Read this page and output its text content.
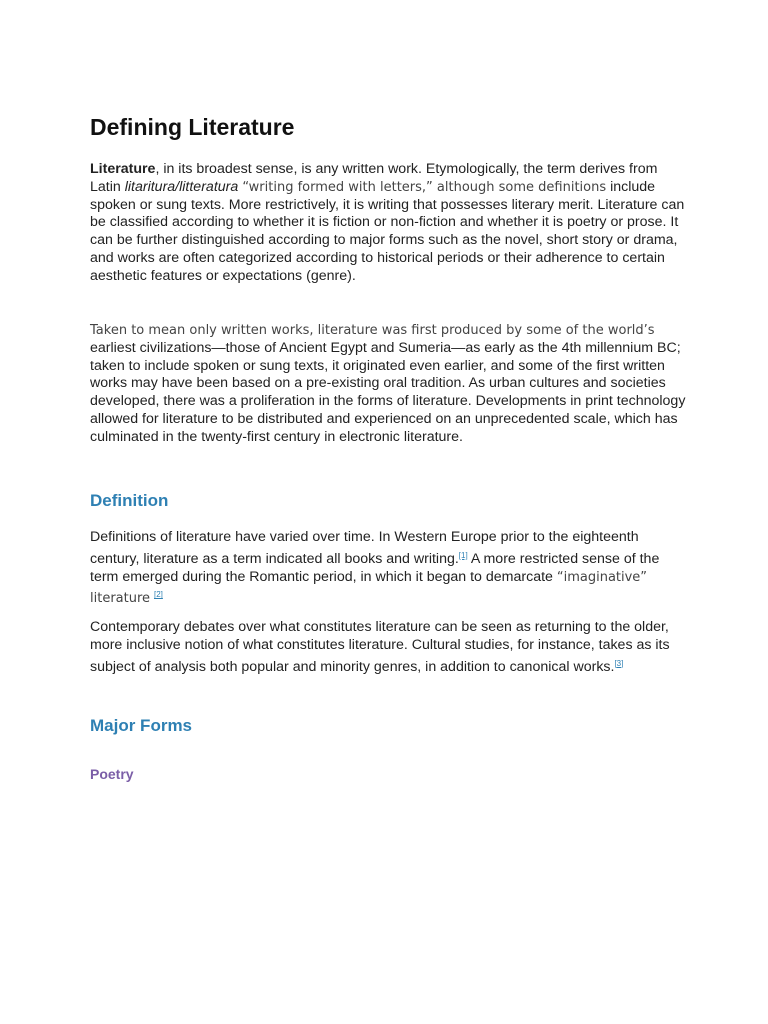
Defining Literature

Literature, in its broadest sense, is any written work. Etymologically, the term derives from Latin litaritura/litteratura “writing formed with letters,” although some definitions include spoken or sung texts. More restrictively, it is writing that possesses literary merit. Literature can be classified according to whether it is fiction or non-fiction and whether it is poetry or prose. It can be further distinguished according to major forms such as the novel, short story or drama, and works are often categorized according to historical periods or their adherence to certain aesthetic features or expectations (genre).

Taken to mean only written works, literature was first produced by some of the world’s earliest civilizations—those of Ancient Egypt and Sumeria—as early as the 4th millennium BC; taken to include spoken or sung texts, it originated even earlier, and some of the first written works may have been based on a pre-existing oral tradition. As urban cultures and societies developed, there was a proliferation in the forms of literature. Developments in print technology allowed for literature to be distributed and experienced on an unprecedented scale, which has culminated in the twenty-first century in electronic literature.

Definition

Definitions of literature have varied over time. In Western Europe prior to the eighteenth century, literature as a term indicated all books and writing.[1] A more restricted sense of the term emerged during the Romantic period, in which it began to demarcate “imaginative” literature [2]

Contemporary debates over what constitutes literature can be seen as returning to the older, more inclusive notion of what constitutes literature. Cultural studies, for instance, takes as its subject of analysis both popular and minority genres, in addition to canonical works.[3]

Major Forms
Poetry
